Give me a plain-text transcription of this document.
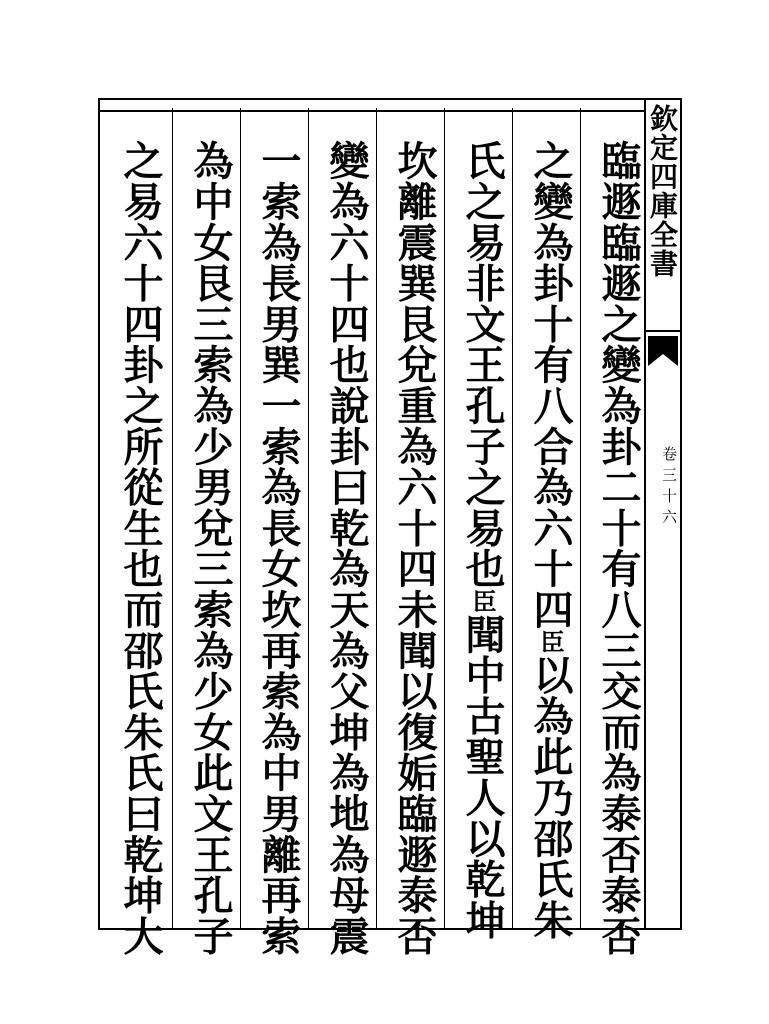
臨遯臨遯之變為卦二十有八三交而為泰否泰否
之變為卦十有八合為六十四臣以為此乃邵氏朱
氏之易非文王孔子之易也臣聞中古聖人以乾坤
坎離震巽艮兌重為六十四未聞以復姤臨遯泰否
變為六十四也說卦曰乾為天為父坤為地為母震
一索為長男巽一索為長女坎再索為中男離再索
為中女艮三索為少男兌三索為少女此文王孔子
之易六十四卦之所從生也而邵氏朱氏曰乾坤大	欽定四庫全書
卷三十六
